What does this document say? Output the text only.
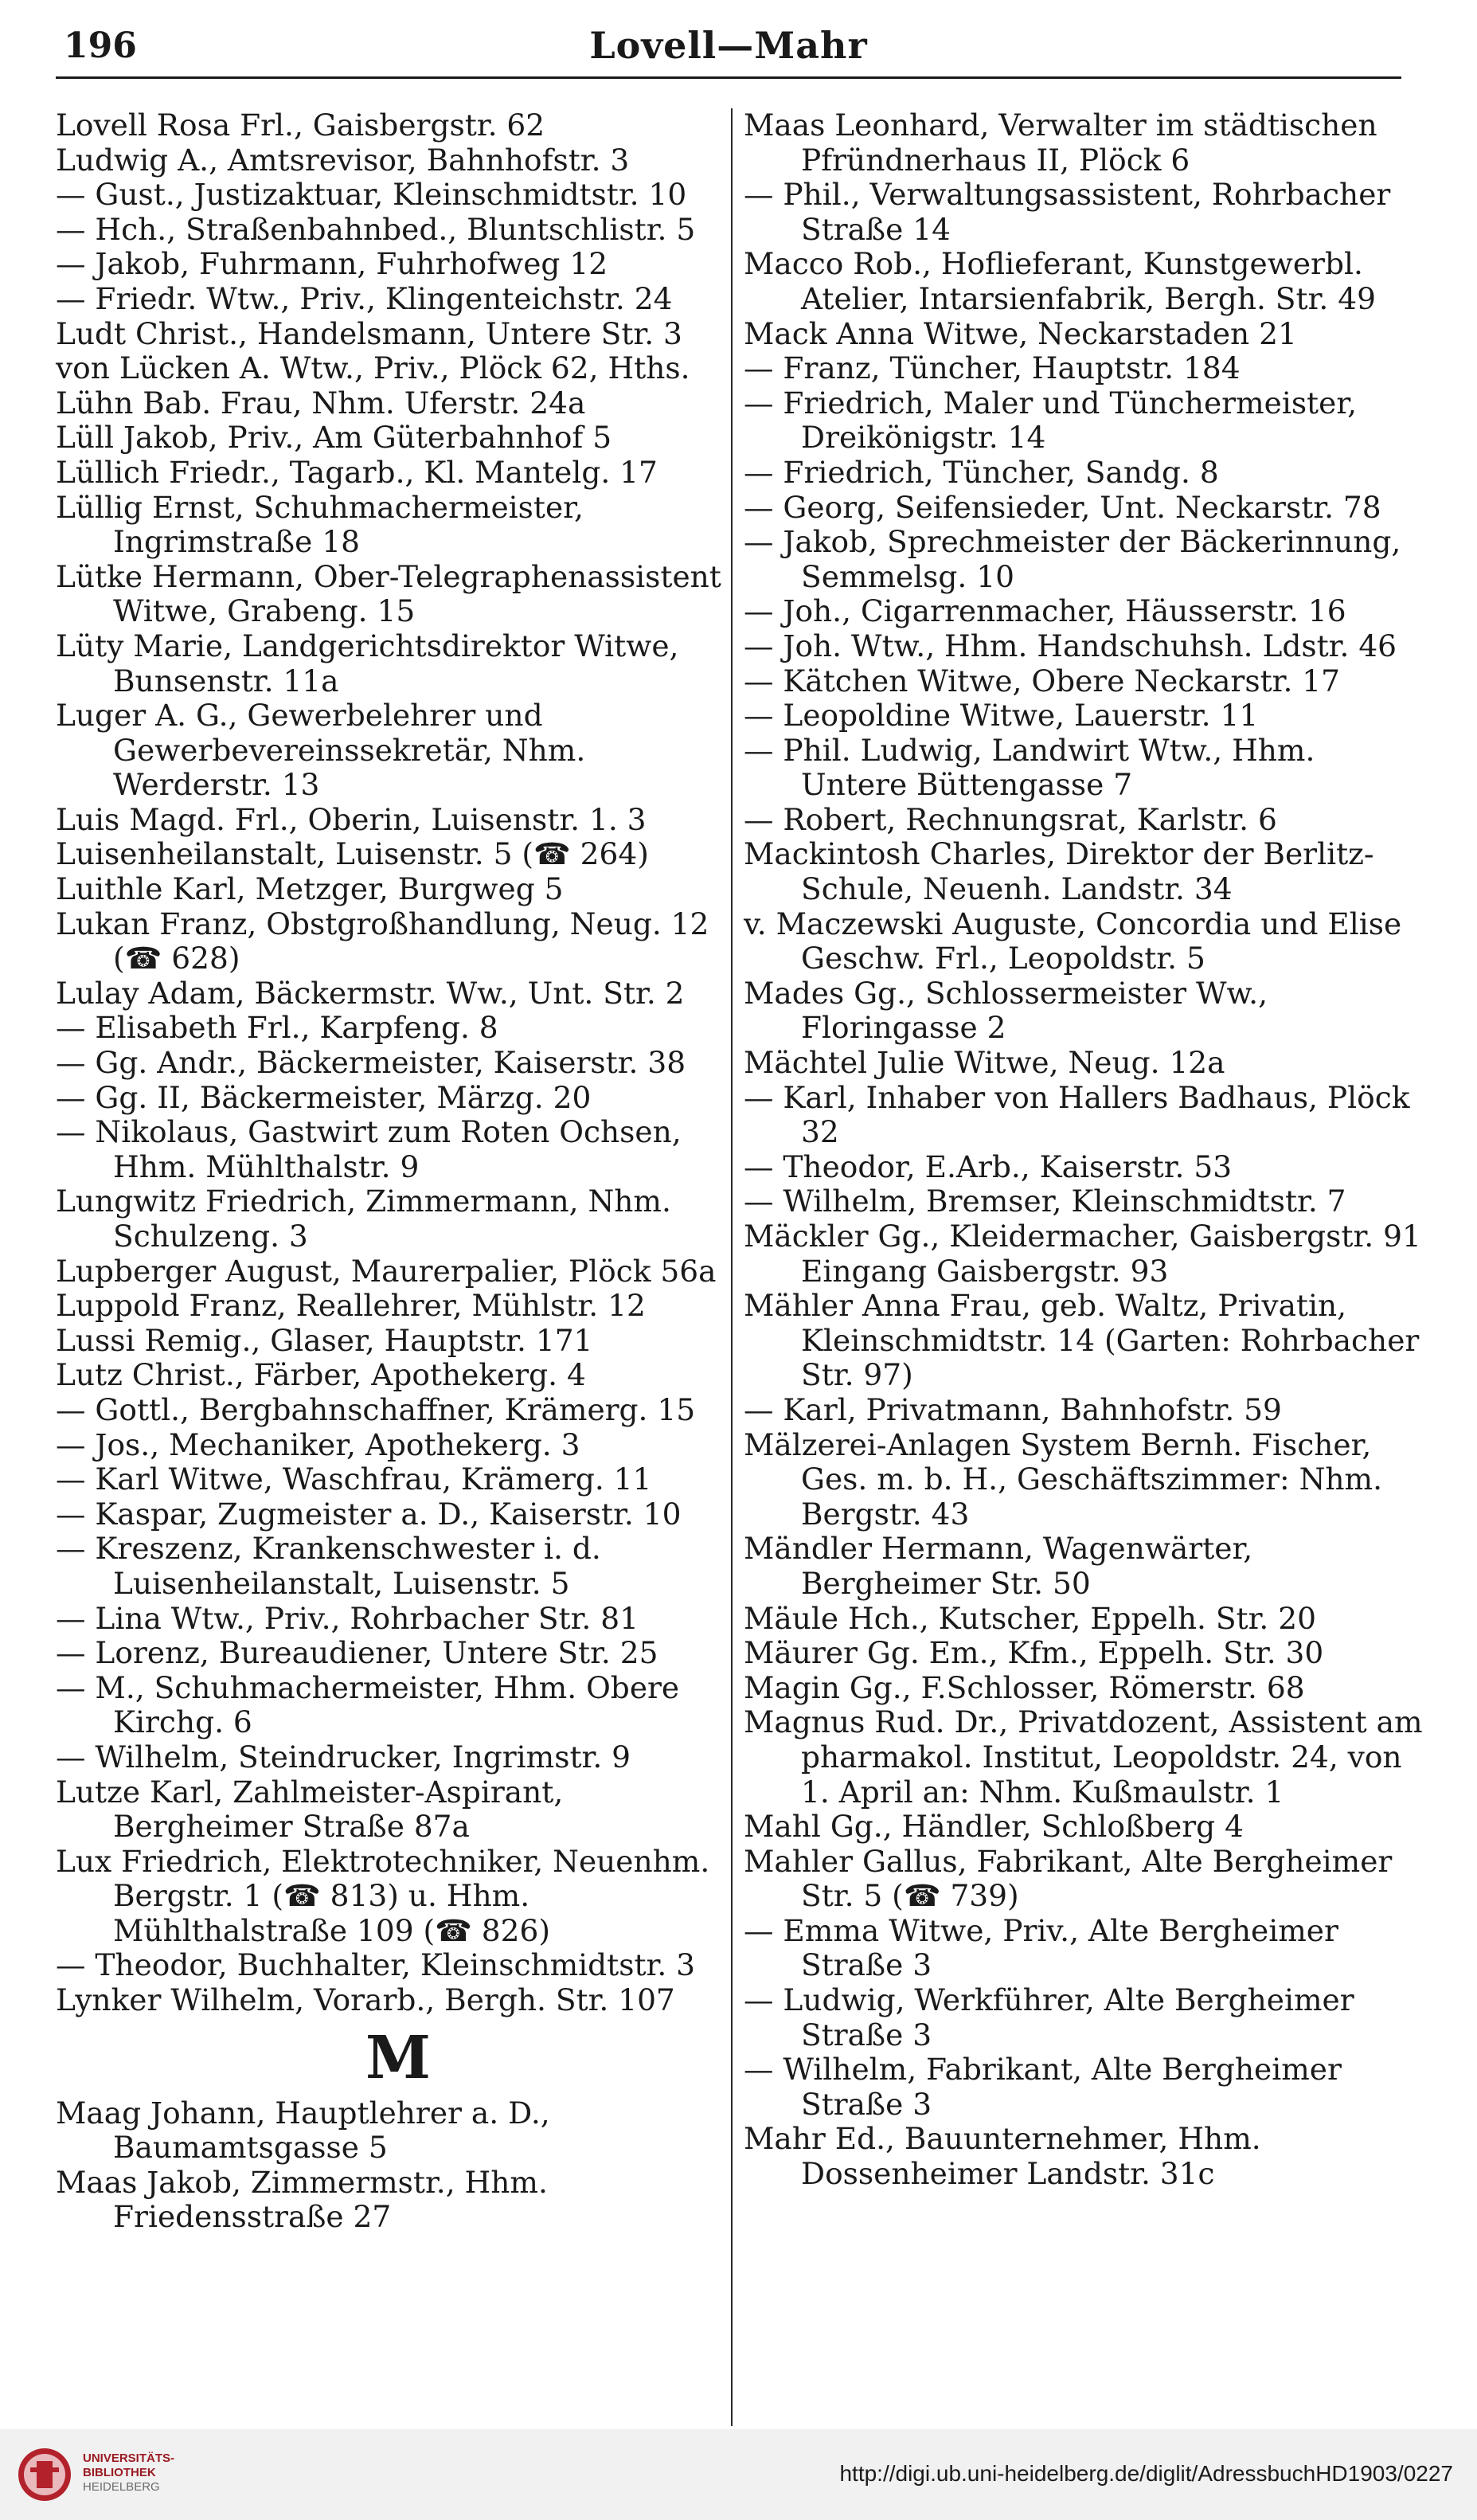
196	Lovell—Mahr
Lovell Rosa Frl., Gaisbergstr. 62
Ludwig A., Amtsrevisor, Bahnhofstr. 3
— Gust., Justizaktuar, Kleinschmidtstr. 10
— Hch., Straßenbahnbed., Bluntschlistr. 5
— Jakob, Fuhrmann, Fuhrhofweg 12
— Friedr. Wtw., Priv., Klingenteichstr. 24
Ludt Christ., Handelsmann, Untere Str. 3
von Lücken A. Wtw., Priv., Plöck 62, Hths.
Lühn Bab. Frau, Nhm. Uferstr. 24a
Lüll Jakob, Priv., Am Güterbahnhof 5
Lüllich Friedr., Tagarb., Kl. Mantelg. 17
Lüllig Ernst, Schuhmachermeister, Ingrimstraße 18
Lütke Hermann, Ober-Telegraphenassistent Witwe, Grabeng. 15
Lüty Marie, Landgerichtsdirektor Witwe, Bunsenstr. 11a
Luger A. G., Gewerbelehrer und Gewerbevereinssekretär, Nhm. Werderstr. 13
Luis Magd. Frl., Oberin, Luisenstr. 1. 3
Luisenheilanstalt, Luisenstr. 5 (☎ 264)
Luithle Karl, Metzger, Burgweg 5
Lukan Franz, Obstgroßhandlung, Neug. 12 (☎ 628)
Lulay Adam, Bäckermstr. Ww., Unt. Str. 2
— Elisabeth Frl., Karpfeng. 8
— Gg. Andr., Bäckermeister, Kaiserstr. 38
— Gg. II, Bäckermeister, Märzg. 20
— Nikolaus, Gastwirt zum Roten Ochsen, Hhm. Mühlthalstr. 9
Lungwitz Friedrich, Zimmermann, Nhm. Schulzeng. 3
Lupberger August, Maurerpalier, Plöck 56a
Luppold Franz, Reallehrer, Mühlstr. 12
Lussi Remig., Glaser, Hauptstr. 171
Lutz Christ., Färber, Apothekerg. 4
— Gottl., Bergbahnschaffner, Krämerg. 15
— Jos., Mechaniker, Apothekerg. 3
— Karl Witwe, Waschfrau, Krämerg. 11
— Kaspar, Zugmeister a. D., Kaiserstr. 10
— Kreszenz, Krankenschwester i. d. Luisenheilanstalt, Luisenstr. 5
— Lina Wtw., Priv., Rohrbacher Str. 81
— Lorenz, Bureaudiener, Untere Str. 25
— M., Schuhmachermeister, Hhm. Obere Kirchg. 6
— Wilhelm, Steindrucker, Ingrimstr. 9
Lutze Karl, Zahlmeister-Aspirant, Bergheimer Straße 87a
Lux Friedrich, Elektrotechniker, Neuenhm. Bergstr. 1 (☎ 813) u. Hhm. Mühlthalstraße 109 (☎ 826)
— Theodor, Buchhalter, Kleinschmidtstr. 3
Lynker Wilhelm, Vorarb., Bergh. Str. 107
M
Maag Johann, Hauptlehrer a. D., Baumamtsgasse 5
Maas Jakob, Zimmermstr., Hhm. Friedensstraße 27
Maas Leonhard, Verwalter im städtischen Pfründnerhaus II, Plöck 6
— Phil., Verwaltungsassistent, Rohrbacher Straße 14
Macco Rob., Hoflieferant, Kunstgewerbl. Atelier, Intarsienfabrik, Bergh. Str. 49
Mack Anna Witwe, Neckarstaden 21
— Franz, Tüncher, Hauptstr. 184
— Friedrich, Maler und Tünchermeister, Dreikönigstr. 14
— Friedrich, Tüncher, Sandg. 8
— Georg, Seifensieder, Unt. Neckarstr. 78
— Jakob, Sprechmeister der Bäckerinnung, Semmelsg. 10
— Joh., Cigarrenmacher, Häusserstr. 16
— Joh. Wtw., Hhm. Handschuhsh. Ldstr. 46
— Kätchen Witwe, Obere Neckarstr. 17
— Leopoldine Witwe, Lauerstr. 11
— Phil. Ludwig, Landwirt Wtw., Hhm. Untere Büttengasse 7
— Robert, Rechnungsrat, Karlstr. 6
Mackintosh Charles, Direktor der Berlitz-Schule, Neuenh. Landstr. 34
v. Maczewski Auguste, Concordia und Elise Geschw. Frl., Leopoldstr. 5
Mades Gg., Schlossermeister Ww., Floringasse 2
Mächtel Julie Witwe, Neug. 12a
— Karl, Inhaber von Hallers Badhaus, Plöck 32
— Theodor, E.Arb., Kaiserstr. 53
— Wilhelm, Bremser, Kleinschmidtstr. 7
Mäckler Gg., Kleidermacher, Gaisbergstr. 91 Eingang Gaisbergstr. 93
Mähler Anna Frau, geb. Waltz, Privatin, Kleinschmidtstr. 14 (Garten: Rohrbacher Str. 97)
— Karl, Privatmann, Bahnhofstr. 59
Mälzerei-Anlagen System Bernh. Fischer, Ges. m. b. H., Geschäftszimmer: Nhm. Bergstr. 43
Mändler Hermann, Wagenwärter, Bergheimer Str. 50
Mäule Hch., Kutscher, Eppelh. Str. 20
Mäurer Gg. Em., Kfm., Eppelh. Str. 30
Magin Gg., F.Schlosser, Römerstr. 68
Magnus Rud. Dr., Privatdozent, Assistent am pharmakol. Institut, Leopoldstr. 24, von 1. April an: Nhm. Kußmaulstr. 1
Mahl Gg., Händler, Schloßberg 4
Mahler Gallus, Fabrikant, Alte Bergheimer Str. 5 (☎ 739)
— Emma Witwe, Priv., Alte Bergheimer Straße 3
— Ludwig, Werkführer, Alte Bergheimer Straße 3
— Wilhelm, Fabrikant, Alte Bergheimer Straße 3
Mahr Ed., Bauunternehmer, Hhm. Dossenheimer Landstr. 31c
UNIVERSITÄTS-
BIBLIOTHEK
HEIDELBERG
http://digi.ub.uni-heidelberg.de/diglit/AdressbuchHD1903/0227
